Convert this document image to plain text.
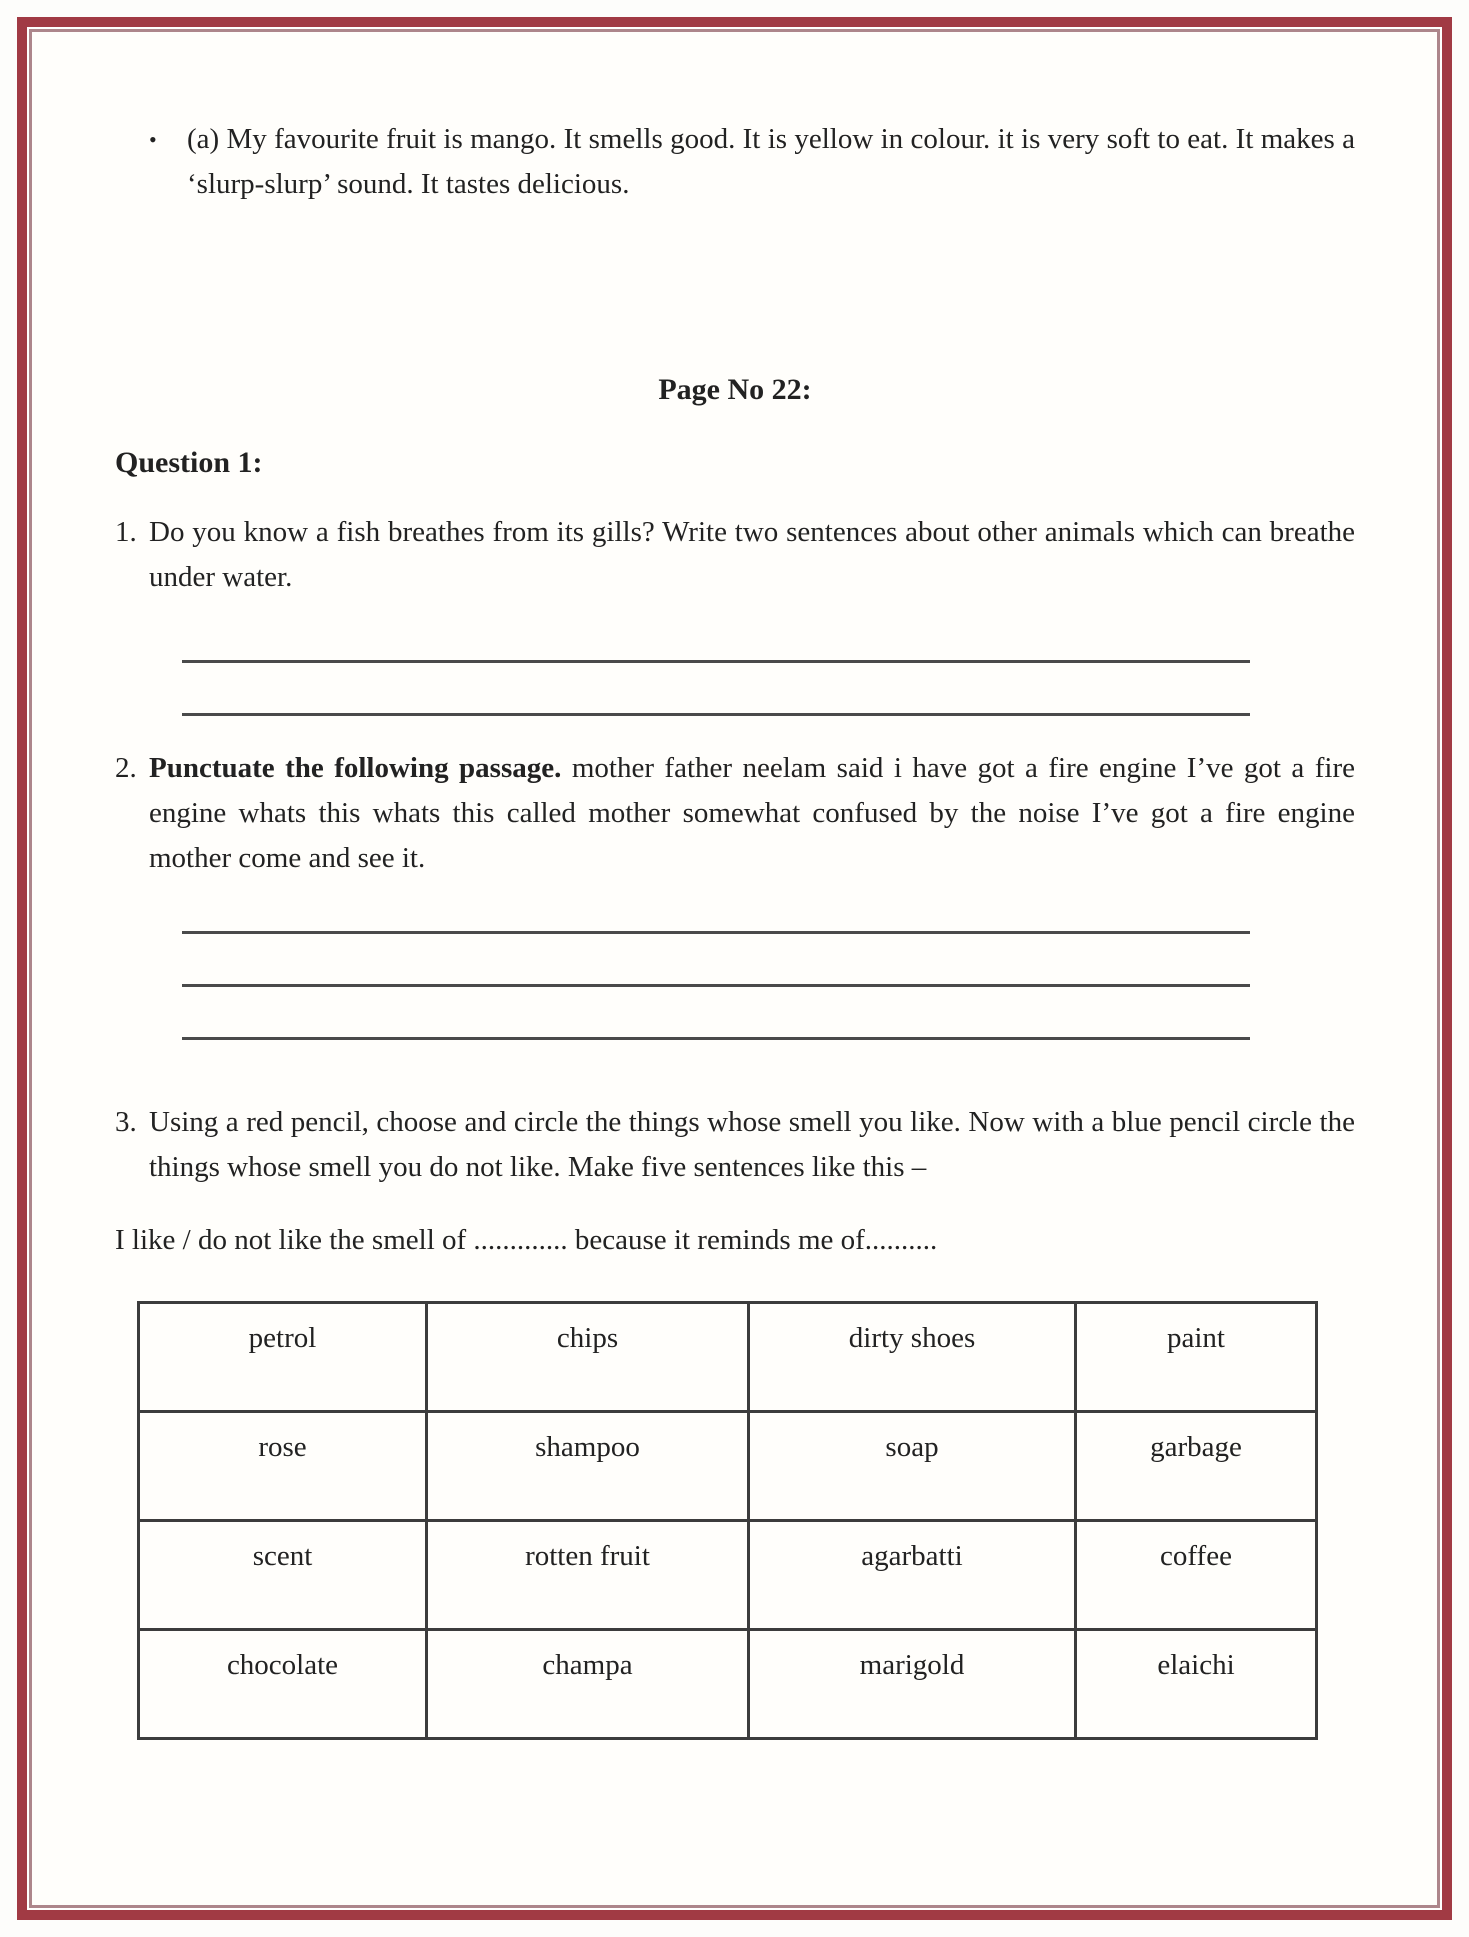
•	(a) My favourite fruit is mango. It smells good. It is yellow in colour. it is very soft to eat. It makes a ‘slurp-slurp’ sound. It tastes delicious.
Page No 22:
Question 1:
1. Do you know a fish breathes from its gills? Write two sentences about other animals which can breathe under water.
2. Punctuate the following passage. mother father neelam said i have got a fire engine I’ve got a fire engine whats this whats this called mother somewhat confused by the noise I’ve got a fire engine mother come and see it.
3. Using a red pencil, choose and circle the things whose smell you like. Now with a blue pencil circle the things whose smell you do not like. Make five sentences like this –
I like / do not like the smell of ............. because it reminds me of..........
petrol	chips	dirty shoes	paint
rose	shampoo	soap	garbage
scent	rotten fruit	agarbatti	coffee
chocolate	champa	marigold	elaichi
